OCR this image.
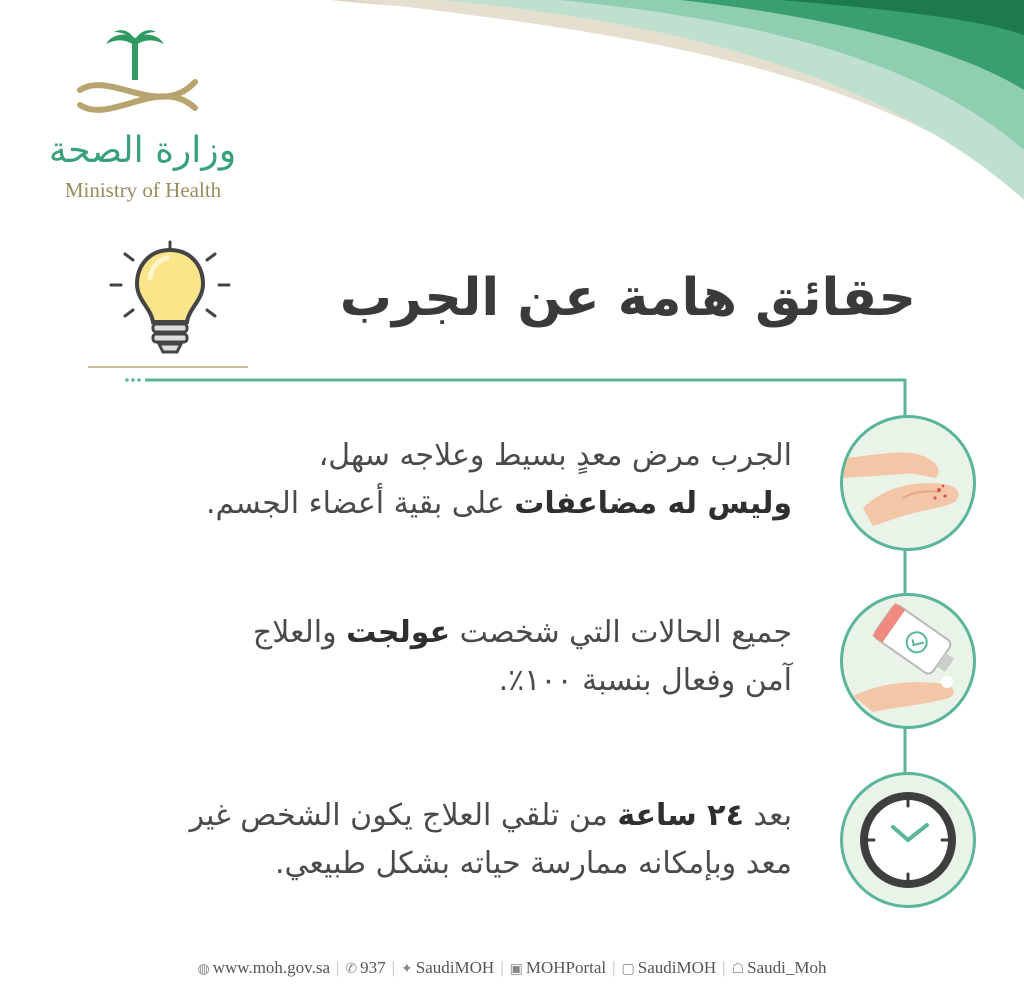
وزارة الصحة
Ministry of Health
حقائق هامة عن الجرب
الجرب مرض معدٍ بسيط وعلاجه سهل،
وليس له مضاعفات على بقية أعضاء الجسم.
جميع الحالات التي شخصت عولجت والعلاج
آمن وفعال بنسبة ١٠٠٪.
بعد ٢٤ ساعة من تلقي العلاج يكون الشخص غير
معد وبإمكانه ممارسة حياته بشكل طبيعي.
◍ www.moh.gov.sa | ✆ 937 | ✦ SaudiMOH | ▣ MOHPortal | ▢ SaudiMOH | ☖ Saudi_Moh
